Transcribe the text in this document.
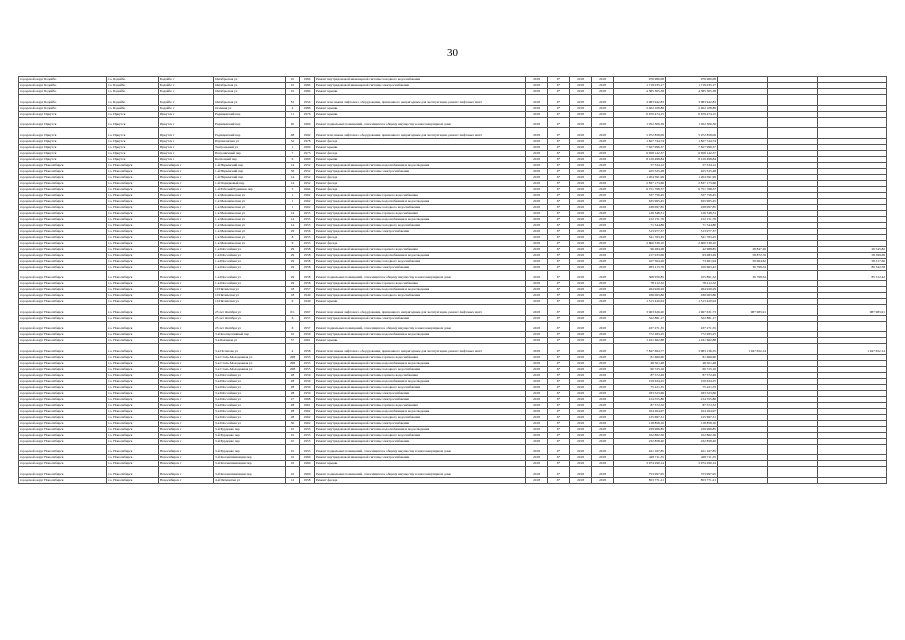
30
городской округ Бодайбо	г.о. Бодайбо	Бодайбо г	Октябрьская ул	10	1984	Ремонт внутридомовой инженерной системы холодного водоснабжения	2018	6*	2018	2018	976 980,08	976 980,08			
городской округ Бодайбо	г.о. Бодайбо	Бодайбо г	Октябрьская ул	10	1984	Ремонт внутридомовой инженерной системы электроснабжения	2018	6*	2018	2018	1 719 035,17	1 719 035,17			
городской округ Бодайбо	г.о. Бодайбо	Бодайбо г	Октябрьская ул	10	1984	Ремонт крыши	2018	6*	2018	2018	4 385 305,38	4 385 305,38			
городской округ Бодайбо	г.о. Бодайбо	Бодайбо г	Октябрьская ул	81	1954	Ремонт или замена лифтового оборудования, признанного непригодным для эксплуатации, ремонт лифтовых шахт	2018	6*	2018	2018	3 983 942,83	3 983 942,83			
городской округ Бодайбо	г.о. Бодайбо	Бодайбо г	Осенняя ул	4	1986	Ремонт крыши	2018	6*	2018	2018	2 402 108,89	2 402 108,89			
городской округ Иркутск	г.о. Иркутск	Иркутск г	Радищевский пер	11	1976	Ремонт крыши	2018	6*	2018	2018	6 679 474,15	6 679 474,15			
городской округ Иркутск	г.о. Иркутск	Иркутск г	Радищевский пер	20	1960	Ремонт подвальных помещений, относящихся к общему имуществу в многоквартирном доме	2018	6*	2018	2018	1 052 306,39	1 052 306,39			
городской округ Иркутск	г.о. Иркутск	Иркутск г	Радищевский пер	48	1992	Ремонт или замена лифтового оборудования, признанного непригодным для эксплуатации, ремонт лифтовых шахт	2018	6*	2018	2018	5 972 858,09	5 972 858,09			
городской округ Иркутск	г.о. Иркутск	Иркутск г	Партизанская ул	5а	1978	Ремонт фасада	2018	6*	2018	2018	1 827 744,74	1 827 744,74			
городской округ Иркутск	г.о. Иркутск	Иркутск г	Театральный ул	1	1990	Ремонт крыши	2018	6*	2018	2018	7 627 996,37	7 627 996,37			
городской округ Иркутск	г.о. Иркутск	Иркутск г	Пограничный пер	7	1973	Ремонт фасада	2018	6*	2018	2018	6 658 142,37	6 658 142,37			
городской округ Иркутск	г.о. Иркутск	Иркутск г	Колхозный пер	6	1990	Ремонт крыши	2018	6*	2018	2018	8 129 498,84	8 129 498,84			
городской округ Новосибирск	г.о. Новосибирск	Новосибирск г	1-й Нарымский пер	14	1952	Ремонт внутридомовой инженерной системы водоснабжения и водоотведения	2018	6*	2018	2018	57 534,12	57 534,12			
городской округ Новосибирск	г.о. Новосибирск	Новосибирск г	1-й Нарымский пер	36	1952	Ремонт внутридомовой инженерной системы электроснабжения	2018	6*	2018	2018	425 525,48	425 525,48			
городской округ Новосибирск	г.о. Новосибирск	Новосибирск г	1-й Нарымский пер	14	1952	Ремонт фасада	2018	6*	2018	2018	1 204 591,99	1 204 591,99			
городской округ Новосибирск	г.о. Новосибирск	Новосибирск г	1-й Порядковый пер	14	1952	Ремонт фасада	2018	6*	2018	2018	2 837 173,66	2 837 173,66			
городской округ Новосибирск	г.о. Новосибирск	Новосибирск г	1-й Рабочий Рудников пер	5	1964	Ремонт фасада	2018	6*	2018	2018	6 751 768,57	6 751 768,57			
городской округ Новосибирск	г.о. Новосибирск	Новосибирск г	1-я Механическая ул	1	1962	Ремонт внутридомовой инженерной системы горячего водоснабжения	2018	6*	2018	2018	337 756,45	337 756,45			
городской округ Новосибирск	г.о. Новосибирск	Новосибирск г	1-я Механическая ул	1	1962	Ремонт внутридомовой инженерной системы водоснабжения и водоотведения	2018	6*	2018	2018	635 965,45	635 965,45			
городской округ Новосибирск	г.о. Новосибирск	Новосибирск г	1-я Механическая ул	1	1962	Ремонт внутридомовой инженерной системы холодного водоснабжения	2018	6*	2018	2018	438 097,85	438 097,85			
городской округ Новосибирск	г.о. Новосибирск	Новосибирск г	1-я Механическая ул	14	1955	Ремонт внутридомовой инженерной системы горячего водоснабжения	2018	6*	2018	2018	126 348,31	126 348,31			
городской округ Новосибирск	г.о. Новосибирск	Новосибирск г	1-я Механическая ул	14	1955	Ремонт внутридомовой инженерной системы водоснабжения и водоотведения	2018	6*	2018	2018	212 151,76	212 151,76			
городской округ Новосибирск	г.о. Новосибирск	Новосибирск г	1-я Механическая ул	14	1955	Ремонт внутридомовой инженерной системы холодного водоснабжения	2018	6*	2018	2018	71 544,86	71 544,86			
городской округ Новосибирск	г.о. Новосибирск	Новосибирск г	1-я Механическая ул	29	1956	Ремонт внутридомовой инженерной системы электроснабжения	2018	6*	2018	2018	513 977,37	513 977,37			
городской округ Новосибирск	г.о. Новосибирск	Новосибирск г	1-я Механическая ул	8	1955	Ремонт фасада	2018	6*	2018	2018	541 763,45	541 763,45			
городской округ Новосибирск	г.о. Новосибирск	Новосибирск г	1-я Механическая ул	9	1953	Ремонт фасада	2018	6*	2018	2018	2 600 539,10	2 600 539,10			
городской округ Новосибирск	г.о. Новосибирск	Новосибирск г	1-я Шоссейная ул	29	1958	Ремонт внутридомовой инженерной системы горячего водоснабжения	2018	6*	2018	2018	96 284,28	42 988,85	28 847,26		26 545,82
городской округ Новосибирск	г.о. Новосибирск	Новосибирск г	1-я Шоссейная ул	29	1958	Ремонт внутридомовой инженерной системы водоснабжения и водоотведения	2018	6*	2018	2018	217 033,06	93 083,29	58 872,76		58 399,69
городской округ Новосибирск	г.о. Новосибирск	Новосибирск г	1-я Шоссейная ул	29	1958	Ремонт внутридомовой инженерной системы холодного водоснабжения	2018	6*	2018	2018	167 564,26	73 661,94	56 664,62		58 317,60
городской округ Новосибирск	г.о. Новосибирск	Новосибирск г	1-я Шоссейная ул	29	1958	Ремонт внутридомовой инженерной системы электроснабжения	2018	6*	2018	2018	283 213,76	109 663,42	30 798,34		86 342,58
городской округ Новосибирск	г.о. Новосибирск	Новосибирск г	1-я Шоссейная ул	29	1958	Ремонт подвальных помещений, относящихся к общему имуществу в многоквартирном доме	2018	6*	2018	2018	368 050,85	105 891,32	30 798,34		85 312,42
городской округ Новосибирск	г.о. Новосибирск	Новосибирск г	1-я Шоссейная ул	29	1958	Ремонт внутридомовой инженерной системы горячего водоснабжения	2018	6*	2018	2018	78 212,32	78 212,32			
городской округ Новосибирск	г.о. Новосибирск	Новосибирск г	10 Пятилетки ул	18	1957	Ремонт внутридомовой инженерной системы водоснабжения и водоотведения	2018	6*	2018	2018	264 929,29	264 929,29			
городской округ Новосибирск	г.о. Новосибирск	Новосибирск г	10 Пятилетки ул	18	1949	Ремонт внутридомовой инженерной системы холодного водоснабжения	2018	6*	2018	2018	186 063,86	186 063,86			
городской округ Новосибирск	г.о. Новосибирск	Новосибирск г	10 Пятилетки ул	9	1949	Ремонт крыши	2018	6*	2018	2018	1 513 420,04	1 513 420,04			
городской округ Новосибирск	г.о. Новосибирск	Новосибирск г	25 лет Октября ул	6/1	1967	Ремонт или замена лифтового оборудования, признанного непригодным для эксплуатации, ремонт лифтовых шахт	2018	6*	2018	2018	3 963 626,20	1 967 631,73	987 983,91		987 983,91
городской округ Новосибирск	г.о. Новосибирск	Новосибирск г	25 лет Октября ул	6	1957	Ремонт внутридомовой инженерной системы электроснабжения	2018	6*	2018	2018	322 881,17	322 881,17			
городской округ Новосибирск	г.о. Новосибирск	Новосибирск г	25 лет Октября ул	6	1957	Ремонт подвальных помещений, относящихся к общему имуществу в многоквартирном доме	2018	6*	2018	2018	437 271,35	437 271,35			
городской округ Новосибирск	г.о. Новосибирск	Новосибирск г	3-й Кооперативный пер	10	1959	Ремонт внутридомовой инженерной системы водоснабжения и водоотведения	2018	6*	2018	2018	772 283,25	772 283,25			
городской округ Новосибирск	г.о. Новосибирск	Новосибирск г	3-я Бахчевая ул	57	1961	Ремонт крыши	2018	6*	2018	2018	1 431 662,88	1 431 662,88			
городской округ Новосибирск	г.о. Новосибирск	Новосибирск г	3-я Потапова ул	4	1958	Ремонт или замена лифтового оборудования, признанного непригодным для эксплуатации, ремонт лифтовых шахт	2018	6*	2018	2018	7 847 694,77	3 983 136,35	1 947 652,14		1 947 652,14
городской округ Новосибирск	г.о. Новосибирск	Новосибирск г	3-я Сталь-Молодежная ул	208	1953	Ремонт внутридомовой инженерной системы горячего водоснабжения	2018	6*	2018	2018	81 666,60	81 666,60			
городской округ Новосибирск	г.о. Новосибирск	Новосибирск г	3-я Сталь-Молодежная ул	208	1953	Ремонт внутридомовой инженерной системы водоснабжения и водоотведения	2018	6*	2018	2018	48 501,48	48 501,48			
городской округ Новосибирск	г.о. Новосибирск	Новосибирск г	3-я Сталь-Молодежная ул	208	1953	Ремонт внутридомовой инженерной системы холодного водоснабжения	2018	6*	2018	2018	60 725,16	60 725,16			
городской округ Новосибирск	г.о. Новосибирск	Новосибирск г	3-я Шоссейная ул	28	1959	Ремонт внутридомовой инженерной системы горячего водоснабжения	2018	6*	2018	2018	87 572,49	87 572,49			
городской округ Новосибирск	г.о. Новосибирск	Новосибирск г	3-я Шоссейная ул	28	1959	Ремонт внутридомовой инженерной системы водоснабжения и водоотведения	2018	6*	2018	2018	159 634,25	159 634,25			
городской округ Новосибирск	г.о. Новосибирск	Новосибирск г	3-я Шоссейная ул	28	1959	Ремонт внутридомовой инженерной системы холодного водоснабжения	2018	6*	2018	2018	75 221,35	75 221,35			
городской округ Новосибирск	г.о. Новосибирск	Новосибирск г	3-я Шоссейная ул	28	1959	Ремонт внутридомовой инженерной системы электроснабжения	2018	6*	2018	2018	183 523,66	183 523,66			
городской округ Новосибирск	г.о. Новосибирск	Новосибирск г	3-я Шоссейная ул	27	1968	Ремонт внутридомовой инженерной системы электроснабжения	2018	6*	2018	2018	214 555,86	214 555,86			
городской округ Новосибирск	г.о. Новосибирск	Новосибирск г	3-я Шоссейная ул	28	1961	Ремонт внутридомовой инженерной системы горячего водоснабжения	2018	6*	2018	2018	87 572,32	87 572,32			
городской округ Новосибирск	г.о. Новосибирск	Новосибирск г	3-я Шоссейная ул	28	1962	Ремонт внутридомовой инженерной системы водоснабжения и водоотведения	2018	6*	2018	2018	164 264,97	164 264,97			
городской округ Новосибирск	г.о. Новосибирск	Новосибирск г	3-я Шоссейная ул	28	1962	Ремонт внутридомовой инженерной системы холодного водоснабжения	2018	6*	2018	2018	125 697,31	125 697,31			
городской округ Новосибирск	г.о. Новосибирск	Новосибирск г	3-я Шоссейная ул	50	1962	Ремонт внутридомовой инженерной системы электроснабжения	2018	6*	2018	2018	118 858,16	118 858,16			
городской округ Новосибирск	г.о. Новосибирск	Новосибирск г	3-й Бурденко пер	10	1953	Ремонт внутридомовой инженерной системы водоснабжения и водоотведения	2018	6*	2018	2018	239 966,85	239 966,85			
городской округ Новосибирск	г.о. Новосибирск	Новосибирск г	3-й Бурденко пер	10	1953	Ремонт внутридомовой инженерной системы холодного водоснабжения	2018	6*	2018	2018	102 862,36	102 862,36			
городской округ Новосибирск	г.о. Новосибирск	Новосибирск г	3-й Бурденко пер	10	1953	Ремонт внутридомовой инженерной системы электроснабжения	2018	6*	2018	2018	232 858,40	232 858,40			
городской округ Новосибирск	г.о. Новосибирск	Новосибирск г	3-й Бурденко пер	10	1953	Ремонт подвальных помещений, относящихся к общему имуществу в многоквартирном доме	2018	6*	2018	2018	421 167,85	421 167,85			
городской округ Новосибирск	г.о. Новосибирск	Новосибирск г	3-й Коллективизации пер	10	1960	Ремонт внутридомовой инженерной системы электроснабжения	2018	6*	2018	2018	428 711,35	428 711,35			
городской округ Новосибирск	г.о. Новосибирск	Новосибирск г	3-й Коллективизации пер	10	1960	Ремонт крыши	2018	6*	2018	2018	3 974 290,14	3 974 290,14			
городской округ Новосибирск	г.о. Новосибирск	Новосибирск г	3-й Коллективизации пер	10	1960	Ремонт подвальных помещений, относящихся к общему имуществу в многоквартирном доме	2018	6*	2018	2018	753 997,95	753 997,95			
городской округ Новосибирск	г.о. Новосибирск	Новосибирск г	4-й Пятилетки ул	12	1958	Ремонт фасада	2018	6*	2018	2018	853 771,21	853 771,21			
